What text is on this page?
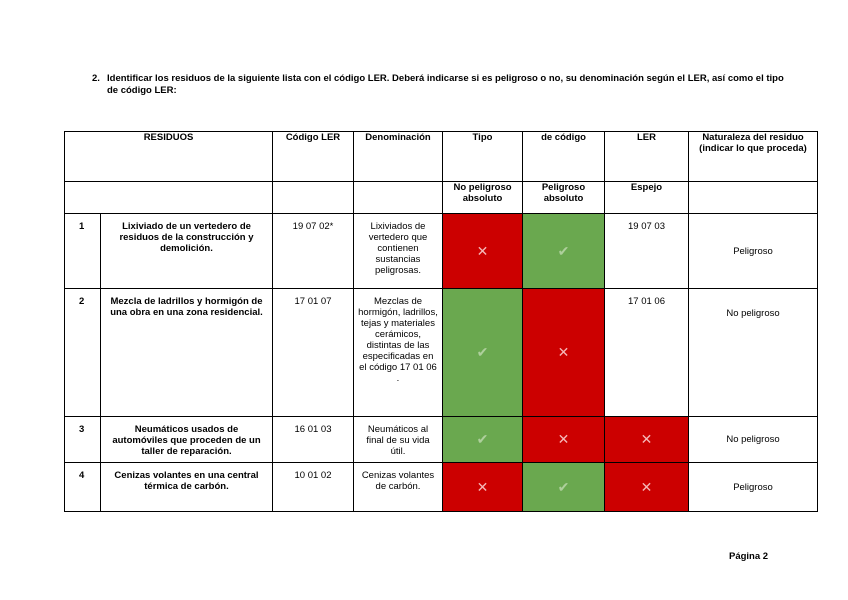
2. Identificar los residuos de la siguiente lista con el código LER. Deberá indicarse si es peligroso o no, su denominación según el LER, así como el tipo de código LER:
RESIDUOS		Código LER	Denominación	Tipo	de código	LER	Naturaleza del residuo (indicar lo que proceda)
				No peligroso absoluto	Peligroso absoluto	Espejo	
1	Lixiviado de un vertedero de residuos de la construcción y demolición.	19 07 02*	Lixiviados de vertedero que contienen sustancias peligrosas.	✕	✔	19 07 03	Peligroso
2	Mezcla de ladrillos y hormigón de una obra en una zona residencial.	17 01 07	Mezclas de hormigón, ladrillos, tejas y materiales cerámicos, distintas de las especificadas en el código 17 01 06 .	✔	✕	17 01 06	No peligroso
3	Neumáticos usados de automóviles que proceden de un taller de reparación.	16 01 03	Neumáticos al final de su vida útil.	✔	✕	✕	No peligroso
4	Cenizas volantes en una central térmica de carbón.	10 01 02	Cenizas volantes de carbón.	✕	✔	✕	Peligroso
Página 2
